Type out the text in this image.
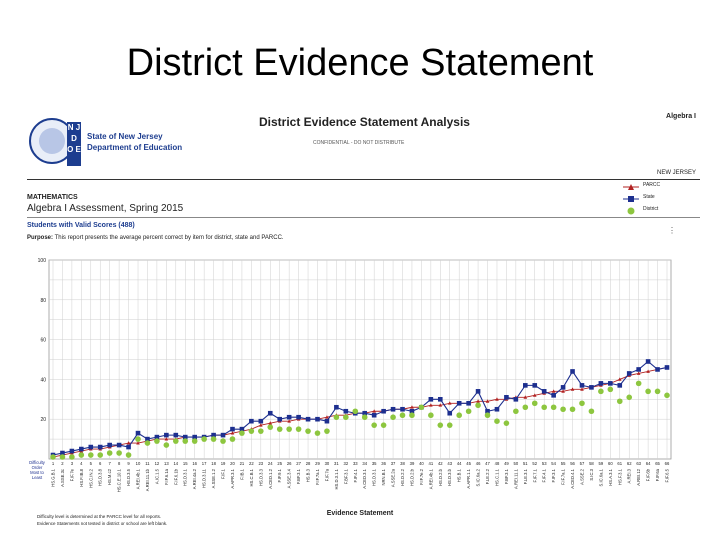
District Evidence Statement
N J D O E
State of New Jersey
Department of Education
District Evidence Statement Analysis
CONFIDENTIAL - DO NOT DISTRIBUTE
Algebra I
NEW JERSEY
MATHEMATICS
Algebra I Assessment, Spring 2015
Students with Valid Scores (488)
Purpose: This report presents the average percent correct by item for district, state and PARCC.
PARCC
State
District
⋮
20
40
60
80
100
1 2 3 4 5 6 7 8 9 10 11 12 13 14 15 16 17 18 19 20 21 22 23 24 25 26 27 28 29 30 31 32 33 34 35 36 37 38 39 40 41 42 43 44 45 46 47 48 49 50 51 52 53 54 55 56 57 58 59 60 61 62 63 64 65 66
HS.G.B.1 A.SSE.3c F.IF.7e HS.F.IB.8 HS.C.IN.2 HS.D.3.8 HS.M.c2 HS.C.E.10.1 HS.D.3.5 A.REI.4b.1 A.REI.11.1b A.IC.1.5 F.IF.6.1a F.IF.6.1b HS.D.3.1 A.REI.4a.2 HS.D.3.11 A.SSE.1.2 F.IF.1 A.APR.3.1 F.IB.1 HS.C.B.1 HS.D.3.3 A.CED.1.2 F.IF.9.1 A.SSE.3.4 F.BF.3.1 HS.B.3 F.IF.7a.1 F.IF.7a HS.D.3.1.1 F.BF.3.1 F.IF.4.1 A.CED.3.1 HS.D.3.1 NRN.B.1 A.SSE.2a HS.D.2.2 HS.D.2.b F.IF.7e.2 A.REI.4b.1 HS.D.2.b HS.D.3.b HS.B.1 A.APR.1.1 S.IC.6a.2 F.LE.2.2 HS.C.1.1 F.BF.3.1 A.REI.11.1 F.LE.3.1 F.IF.7.1 F.IF.4.1 F.IF.3.1 F.IF.7a.1 A.CED.4.1 A.SSE.2 S.IC.3 S.IC.6a.1 HS.A.3.1 HS.F.3.1 A.REI.3 A.REI.12 F.IF.6b F.IF.6a F.IF.6.5
Difficulty
Order
Most to
Least
Evidence Statement
Difficulty level is determined at the PARCC level for all reports.
Evidence Statements not tested in district or school are left blank.
